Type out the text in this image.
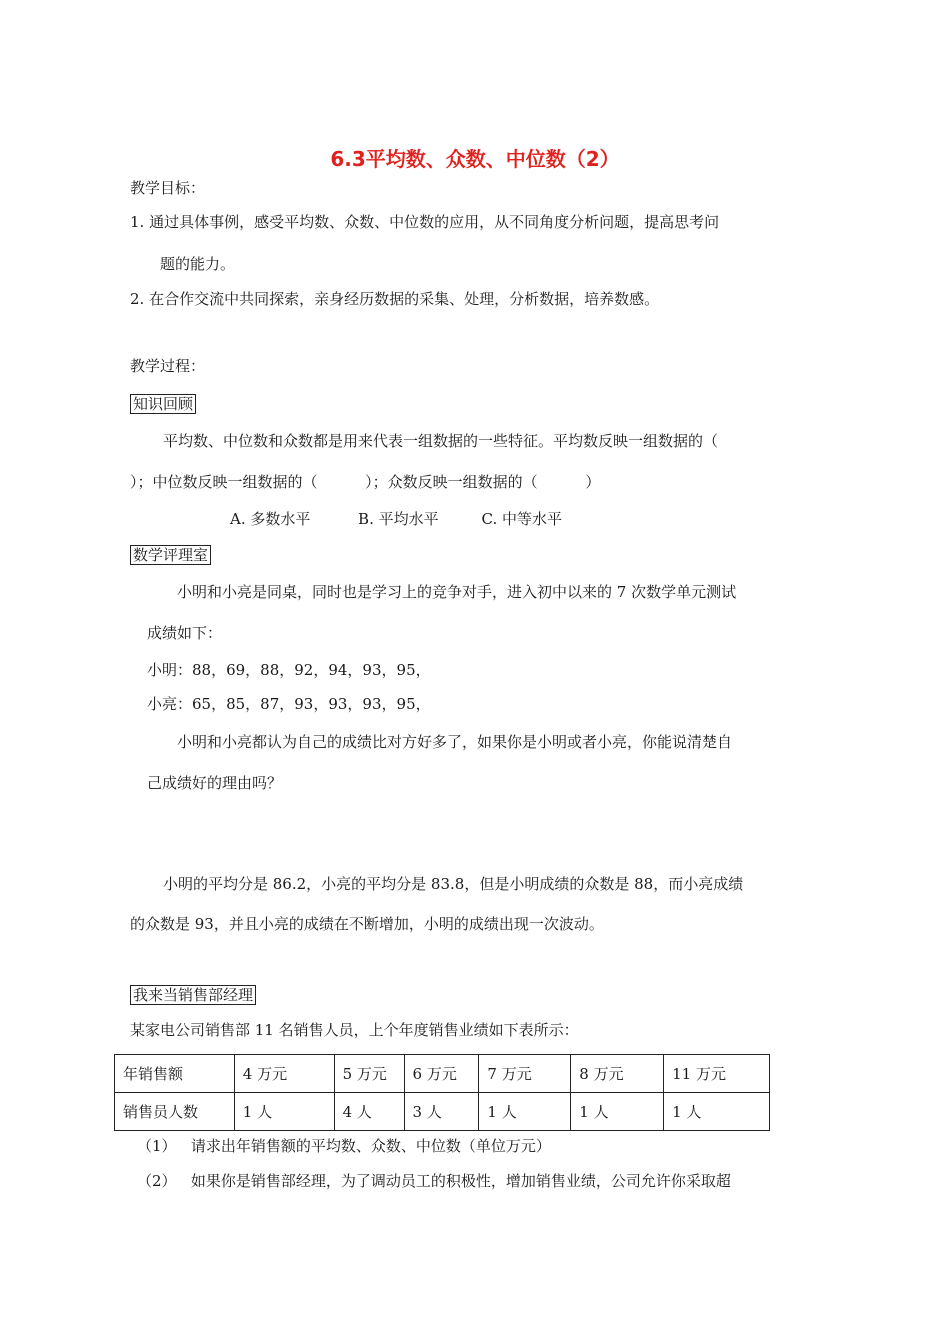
6.3平均数、众数、中位数（2）
教学目标：
1. 通过具体事例，感受平均数、众数、中位数的应用，从不同角度分析问题，提高思考问
题的能力。
2. 在合作交流中共同探索，亲身经历数据的采集、处理，分析数据，培养数感。
教学过程：
知识回顾
平均数、中位数和众数都是用来代表一组数据的一些特征。平均数反映一组数据的（
）；中位数反映一组数据的（          ）；众数反映一组数据的（          ）
A. 多数水平          B. 平均水平         C. 中等水平
数学评理室
小明和小亮是同桌，同时也是学习上的竞争对手，进入初中以来的 7 次数学单元测试
成绩如下：
小明：88，69，88，92，94，93，95，
小亮：65，85，87，93，93，93，95，
小明和小亮都认为自己的成绩比对方好多了，如果你是小明或者小亮，你能说清楚自
己成绩好的理由吗？
小明的平均分是 86.2，小亮的平均分是 83.8，但是小明成绩的众数是 88，而小亮成绩
的众数是 93，并且小亮的成绩在不断增加，小明的成绩出现一次波动。
我来当销售部经理
某家电公司销售部 11 名销售人员，上个年度销售业绩如下表所示：
年销售额	4 万元	5 万元	6 万元	7 万元	8 万元	11 万元
销售员人数	1 人	4 人	3 人	1 人	1 人	1 人
（1）   请求出年销售额的平均数、众数、中位数（单位万元）
（2）   如果你是销售部经理，为了调动员工的积极性，增加销售业绩，公司允许你采取超
